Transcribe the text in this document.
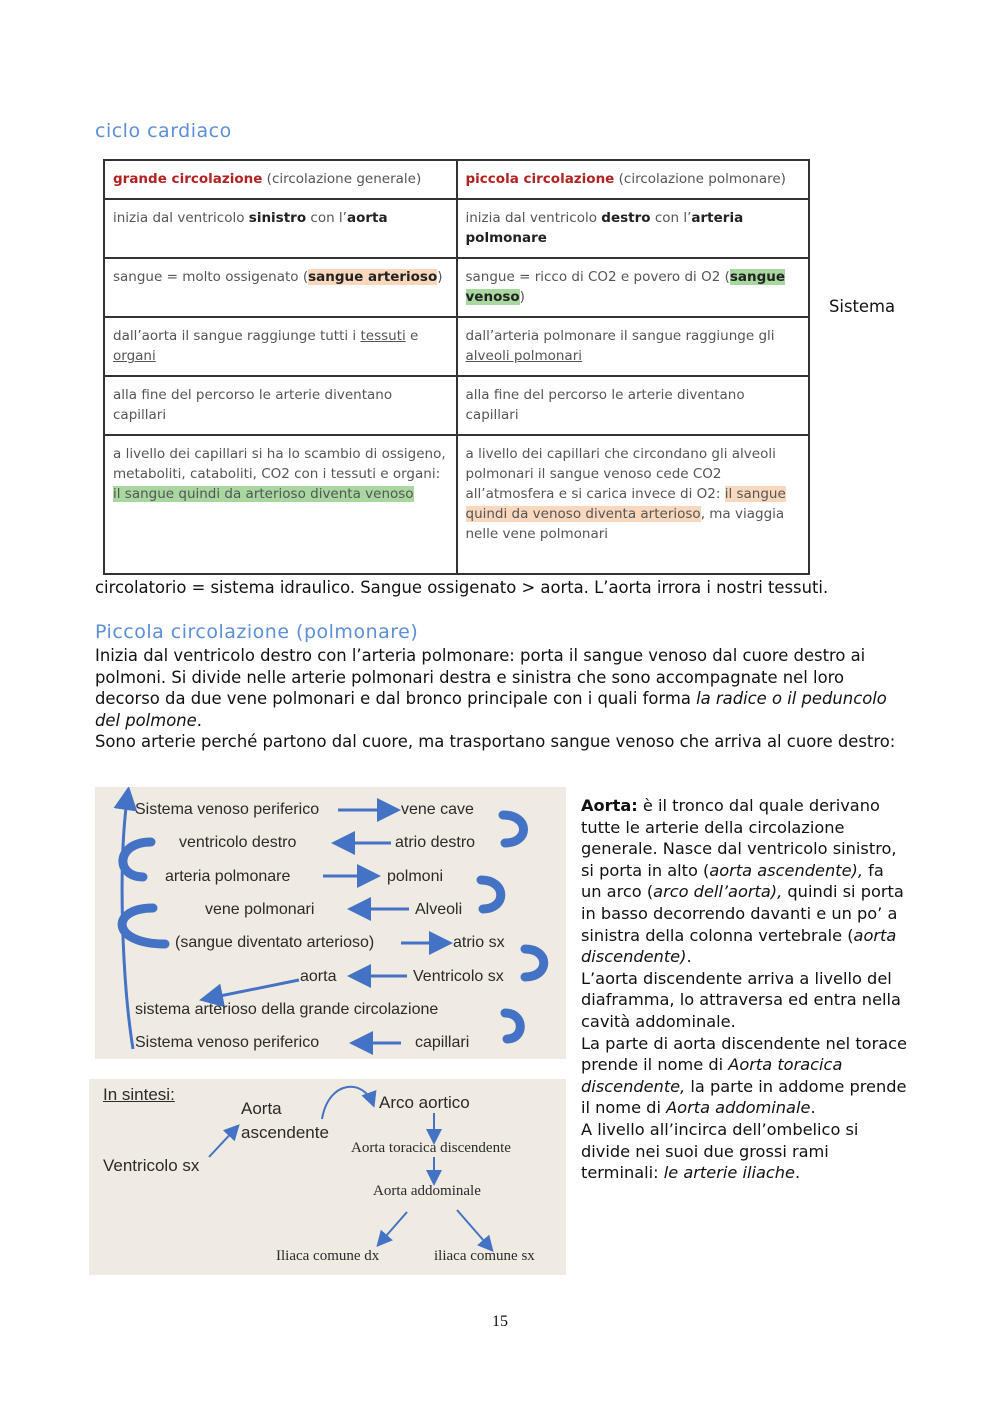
ciclo cardiaco
grande circolazione (circolazione generale)	piccola circolazione (circolazione polmonare)
inizia dal ventricolo sinistro con l’aorta	inizia dal ventricolo destro con l’arteria polmonare
sangue = molto ossigenato (sangue arterioso)	sangue = ricco di CO2 e povero di O2 (sangue venoso)
dall’aorta il sangue raggiunge tutti i tessuti e organi	dall’arteria polmonare il sangue raggiunge gli alveoli polmonari
alla fine del percorso le arterie diventano capillari	alla fine del percorso le arterie diventano capillari
a livello dei capillari si ha lo scambio di ossigeno, metaboliti, cataboliti, CO2 con i tessuti e organi: il sangue quindi da arterioso diventa venoso	a livello dei capillari che circondano gli alveoli polmonari il sangue venoso cede CO2 all’atmosfera e si carica invece di O2: il sangue quindi da venoso diventa arterioso, ma viaggia nelle vene polmonari
Sistema
circolatorio = sistema idraulico. Sangue ossigenato > aorta. L’aorta irrora i nostri tessuti.
Piccola circolazione (polmonare)
Inizia dal ventricolo destro con l’arteria polmonare: porta il sangue venoso dal cuore destro ai polmoni. Si divide nelle arterie polmonari destra e sinistra che sono accompagnate nel loro decorso da due vene polmonari e dal bronco principale con i quali forma la radice o il peduncolo del polmone.
Sono arterie perché partono dal cuore, ma trasportano sangue venoso che arriva al cuore destro:
Sistema venoso periferico	vene cave
ventricolo destro	atrio destro
arteria polmonare	polmoni
vene polmonari	Alveoli
(sangue diventato arterioso)	atrio sx
aorta	Ventricolo sx
sistema arterioso della grande circolazione
Sistema venoso periferico	capillari
In sintesi:
Aorta
ascendente
Arco aortico
Ventricolo sx
Aorta toracica discendente
Aorta addominale
Iliaca comune dx	iliaca comune sx
Aorta: è il tronco dal quale derivano tutte le arterie della circolazione generale. Nasce dal ventricolo sinistro, si porta in alto (aorta ascendente), fa un arco (arco dell’aorta), quindi si porta in basso decorrendo davanti e un po’ a sinistra della colonna vertebrale (aorta discendente).
L’aorta discendente arriva a livello del diaframma, lo attraversa ed entra nella cavità addominale.
La parte di aorta discendente nel torace prende il nome di Aorta toracica discendente, la parte in addome prende il nome di Aorta addominale.
A livello all’incirca dell’ombelico si divide nei suoi due grossi rami terminali: le arterie iliache.
15
